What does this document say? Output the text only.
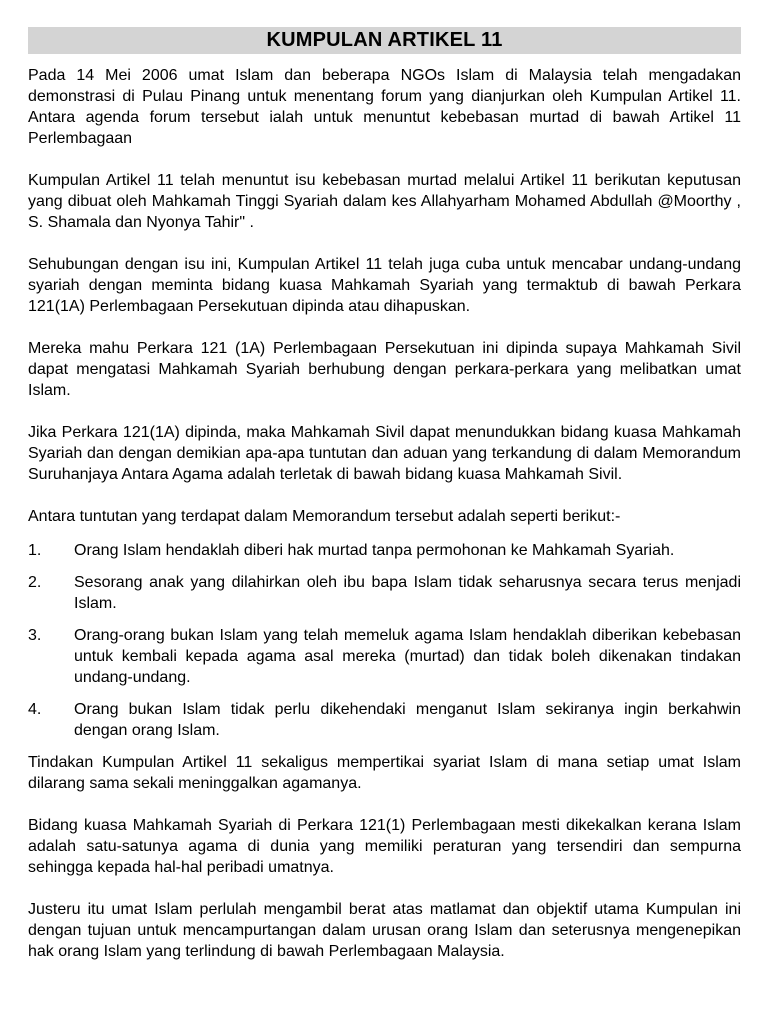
KUMPULAN ARTIKEL 11

Pada 14 Mei 2006 umat Islam dan beberapa NGOs Islam di Malaysia telah mengadakan demonstrasi di Pulau Pinang untuk menentang forum yang dianjurkan oleh Kumpulan Artikel 11. Antara agenda forum tersebut ialah untuk menuntut kebebasan murtad di bawah Artikel 11 Perlembagaan

Kumpulan Artikel 11 telah menuntut isu kebebasan murtad melalui Artikel 11 berikutan keputusan yang dibuat oleh Mahkamah Tinggi Syariah dalam kes Allahyarham Mohamed Abdullah @Moorthy , S. Shamala dan Nyonya Tahir" .

Sehubungan dengan isu ini, Kumpulan Artikel 11 telah juga cuba untuk mencabar undang-undang syariah dengan meminta bidang kuasa Mahkamah Syariah yang termaktub di bawah Perkara 121(1A) Perlembagaan Persekutuan dipinda atau dihapuskan.

Mereka mahu Perkara 121 (1A) Perlembagaan Persekutuan ini dipinda supaya Mahkamah Sivil dapat mengatasi Mahkamah Syariah berhubung dengan perkara-perkara yang melibatkan umat Islam.

Jika Perkara 121(1A) dipinda, maka Mahkamah Sivil dapat menundukkan bidang kuasa Mahkamah Syariah dan dengan demikian apa-apa tuntutan dan aduan yang terkandung di dalam Memorandum Suruhanjaya Antara Agama adalah terletak di bawah bidang kuasa Mahkamah Sivil.

Antara tuntutan yang terdapat dalam Memorandum tersebut adalah seperti berikut:-

1.	Orang Islam hendaklah diberi hak murtad tanpa permohonan ke Mahkamah Syariah.
2.	Sesorang anak yang dilahirkan oleh ibu bapa Islam tidak seharusnya secara terus menjadi Islam.
3.	Orang-orang bukan Islam yang telah memeluk agama Islam hendaklah diberikan kebebasan untuk kembali kepada agama asal mereka (murtad) dan tidak boleh dikenakan tindakan undang-undang.
4.	Orang bukan Islam tidak perlu dikehendaki menganut Islam sekiranya ingin berkahwin dengan orang Islam.

Tindakan Kumpulan Artikel 11 sekaligus mempertikai syariat Islam di mana setiap umat Islam dilarang sama sekali meninggalkan agamanya.

Bidang kuasa Mahkamah Syariah di Perkara 121(1) Perlembagaan mesti dikekalkan kerana Islam adalah satu-satunya agama di dunia yang memiliki peraturan yang tersendiri dan sempurna sehingga kepada hal-hal peribadi umatnya.

Justeru itu umat Islam perlulah mengambil berat atas matlamat dan objektif utama Kumpulan ini dengan tujuan untuk mencampurtangan dalam urusan orang Islam dan seterusnya mengenepikan hak orang Islam yang terlindung di bawah Perlembagaan Malaysia.
